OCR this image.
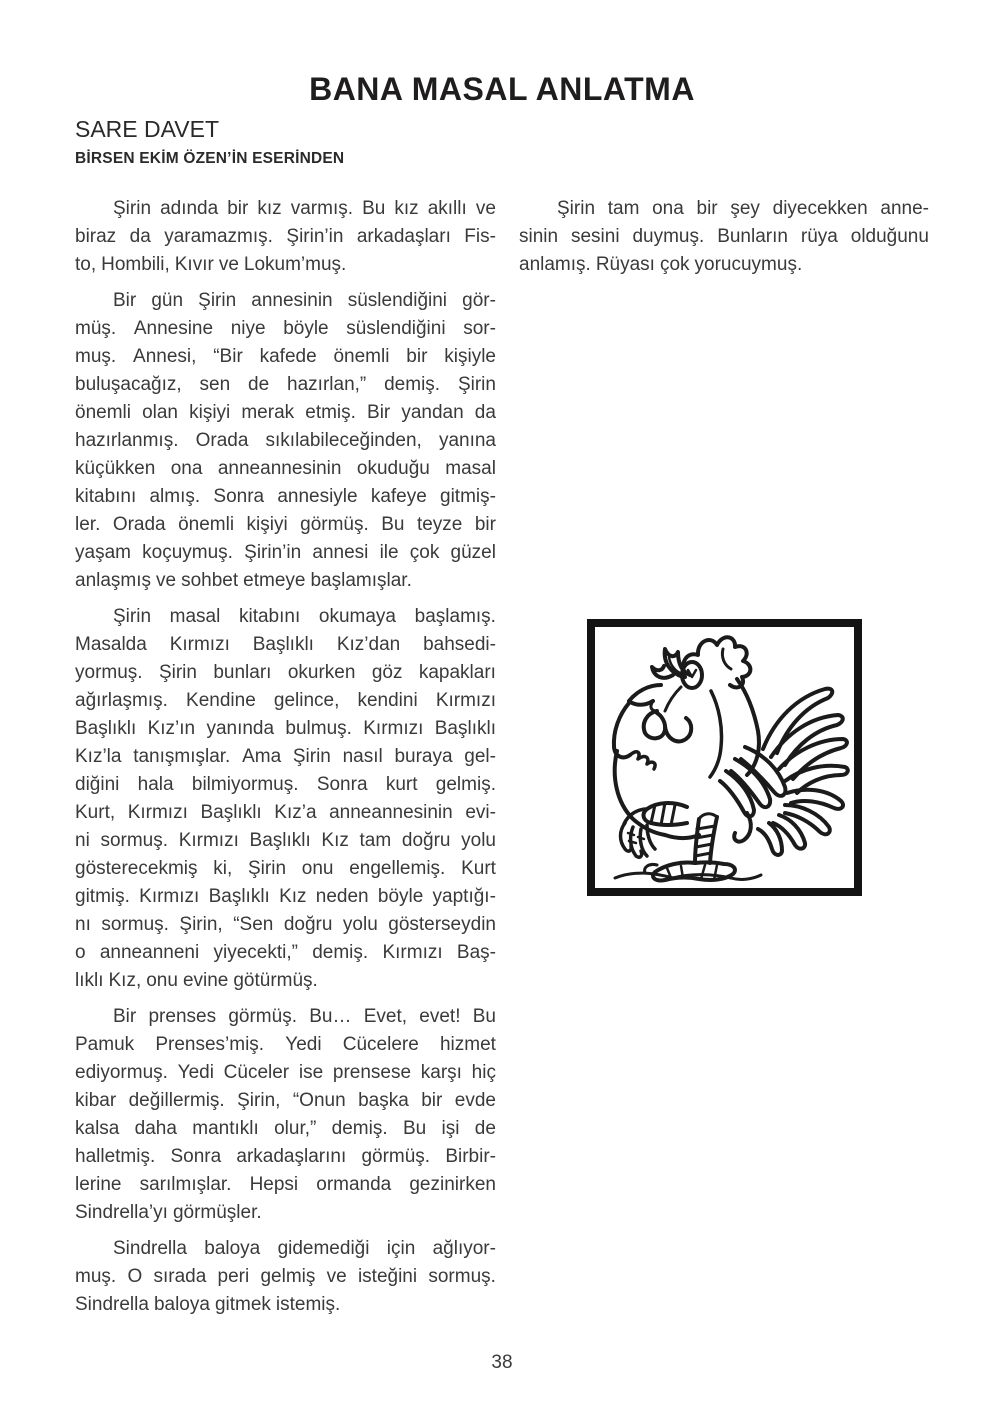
BANA MASAL ANLATMA
SARE DAVET
BİRSEN EKİM ÖZEN’İN ESERİNDEN
Şirin adında bir kız varmış. Bu kız akıllı ve
biraz da yaramazmış. Şirin’in arkadaşları Fis-
to, Hombili, Kıvır ve Lokum’muş.
Bir gün Şirin annesinin süslendiğini gör-
müş. Annesine niye böyle süslendiğini sor-
muş. Annesi, “Bir kafede önemli bir kişiyle
buluşacağız, sen de hazırlan,” demiş. Şirin
önemli olan kişiyi merak etmiş. Bir yandan da
hazırlanmış. Orada sıkılabileceğinden, yanına
küçükken ona anneannesinin okuduğu masal
kitabını almış. Sonra annesiyle kafeye gitmiş-
ler. Orada önemli kişiyi görmüş. Bu teyze bir
yaşam koçuymuş. Şirin’in annesi ile çok güzel
anlaşmış ve sohbet etmeye başlamışlar.
Şirin masal kitabını okumaya başlamış.
Masalda Kırmızı Başlıklı Kız’dan bahsedi-
yormuş. Şirin bunları okurken göz kapakları
ağırlaşmış. Kendine gelince, kendini Kırmızı
Başlıklı Kız’ın yanında bulmuş. Kırmızı Başlıklı
Kız’la tanışmışlar. Ama Şirin nasıl buraya gel-
diğini hala bilmiyormuş. Sonra kurt gelmiş.
Kurt, Kırmızı Başlıklı Kız’a anneannesinin evi-
ni sormuş. Kırmızı Başlıklı Kız tam doğru yolu
gösterecekmiş ki, Şirin onu engellemiş. Kurt
gitmiş. Kırmızı Başlıklı Kız neden böyle yaptığı-
nı sormuş. Şirin, “Sen doğru yolu gösterseydin
o anneanneni yiyecekti,” demiş. Kırmızı Baş-
lıklı Kız, onu evine götürmüş.
Bir prenses görmüş. Bu… Evet, evet! Bu
Pamuk Prenses’miş. Yedi Cücelere hizmet
ediyormuş. Yedi Cüceler ise prensese karşı hiç
kibar değillermiş. Şirin, “Onun başka bir evde
kalsa daha mantıklı olur,” demiş. Bu işi de
halletmiş. Sonra arkadaşlarını görmüş. Birbir-
lerine sarılmışlar. Hepsi ormanda gezinirken
Sindrella’yı görmüşler.
Sindrella baloya gidemediği için ağlıyor-
muş. O sırada peri gelmiş ve isteğini sormuş.
Sindrella baloya gitmek istemiş.
Şirin tam ona bir şey diyecekken anne-
sinin sesini duymuş. Bunların rüya olduğunu
anlamış. Rüyası çok yorucuymuş.
38
